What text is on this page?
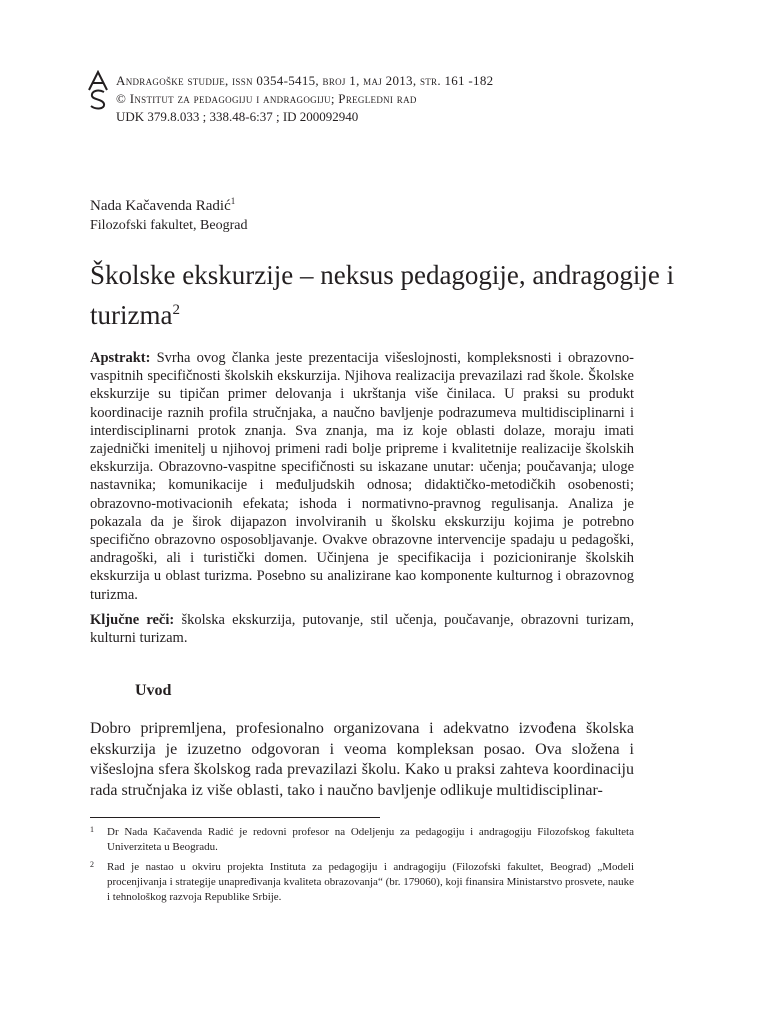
Andragoške studije, issn 0354-5415, broj 1, maj 2013, str. 161 -182
© Institut za pedagogiju i andragogiju; Pregledni rad
UDK 379.8.033 ; 338.48-6:37 ; ID 200092940
Nada Kačavenda Radić$^1$
Filozofski fakultet, Beograd
Školske ekskurzije – neksus pedagogije, andragogije i turizma$^2$
Apstrakt: Svrha ovog članka jeste prezentacija višeslojnosti, kompleksnosti i obrazovno-vaspitnih specifičnosti školskih ekskurzija. Njihova realizacija prevazilazi rad škole. Školske ekskurzije su tipičan primer delovanja i ukrštanja više činilaca. U praksi su produkt koordinacije raznih profila stručnjaka, a naučno bavljenje podrazumeva multidisciplinarni i interdisciplinarni protok znanja. Sva znanja, ma iz koje oblasti dolaze, moraju imati zajednički imenitelj u njihovoj primeni radi bolje pripreme i kvalitetnije realizacije školskih ekskurzija. Obrazovno-vaspitne specifičnosti su iskazane unutar: učenja; poučavanja; uloge nastavnika; komunikacije i međuljudskih odnosa; didaktičko-metodičkih osobenosti; obrazovno-motivacionih efekata; ishoda i normativno-pravnog regulisanja. Analiza je pokazala da je širok dijapazon involviranih u školsku ekskurziju kojima je potrebno specifično obrazovno osposobljavanje. Ovakve obrazovne intervencije spadaju u pedagoški, andragoški, ali i turistički domen. Učinjena je specifikacija i pozicioniranje školskih ekskurzija u oblast turizma. Posebno su analizirane kao komponente kulturnog i obrazovnog turizma.
Ključne reči: školska ekskurzija, putovanje, stil učenja, poučavanje, obrazovni turizam, kulturni turizam.
Uvod
Dobro pripremljena, profesionalno organizovana i adekvatno izvođena školska ekskurzija je izuzetno odgovoran i veoma kompleksan posao. Ova složena i višeslojna sfera školskog rada prevazilazi školu. Kako u praksi zahteva koordinaciju rada stručnjaka iz više oblasti, tako i naučno bavljenje odlikuje multidisciplinar-
1 Dr Nada Kačavenda Radić je redovni profesor na Odeljenju za pedagogiju i andragogiju Filozofskog fakulteta Univerziteta u Beogradu.
2 Rad je nastao u okviru projekta Instituta za pedagogiju i andragogiju (Filozofski fakultet, Beograd) „Modeli procenjivanja i strategije unapređivanja kvaliteta obrazovanja“ (br. 179060), koji finansira Ministarstvo prosvete, nauke i tehnološkog razvoja Republike Srbije.
